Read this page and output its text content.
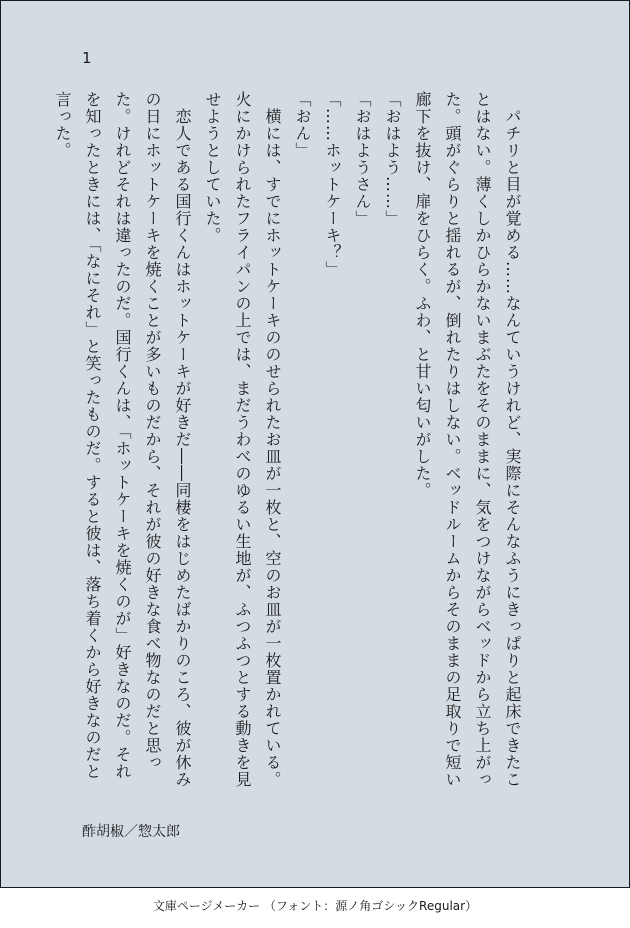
1

　パチリと目が覚める……なんていうけれど、実際にそんなふうにきっぱりと起床できたことはない。薄くしかひらかないまぶたをそのままに、気をつけながらベッドから立ち上がった。頭がぐらりと揺れるが、倒れたりはしない。ベッドルームからそのままの足取りで短い廊下を抜け、扉をひらく。ふわ、と甘い匂いがした。

「おはよう……」

「おはようさん」

「……ホットケーキ？」

「おん」

　横には、すでにホットケーキののせられたお皿が一枚と、空のお皿が一枚置かれている。火にかけられたフライパンの上では、まだうわべのゆるい生地が、ふつふつとする動きを見せようとしていた。

　恋人である国行くんはホットケーキが好きだ――同棲をはじめたばかりのころ、彼が休みの日にホットケーキを焼くことが多いものだから、それが彼の好きな食べ物なのだと思った。けれどそれは違ったのだ。国行くんは、「ホットケーキを焼くのが」好きなのだ。それを知ったときには、「なにそれ」と笑ったものだ。すると彼は、落ち着くから好きなのだと言った。

酢胡椒／惣太郎
文庫ページメーカー （フォント：源ノ角ゴシックRegular）
